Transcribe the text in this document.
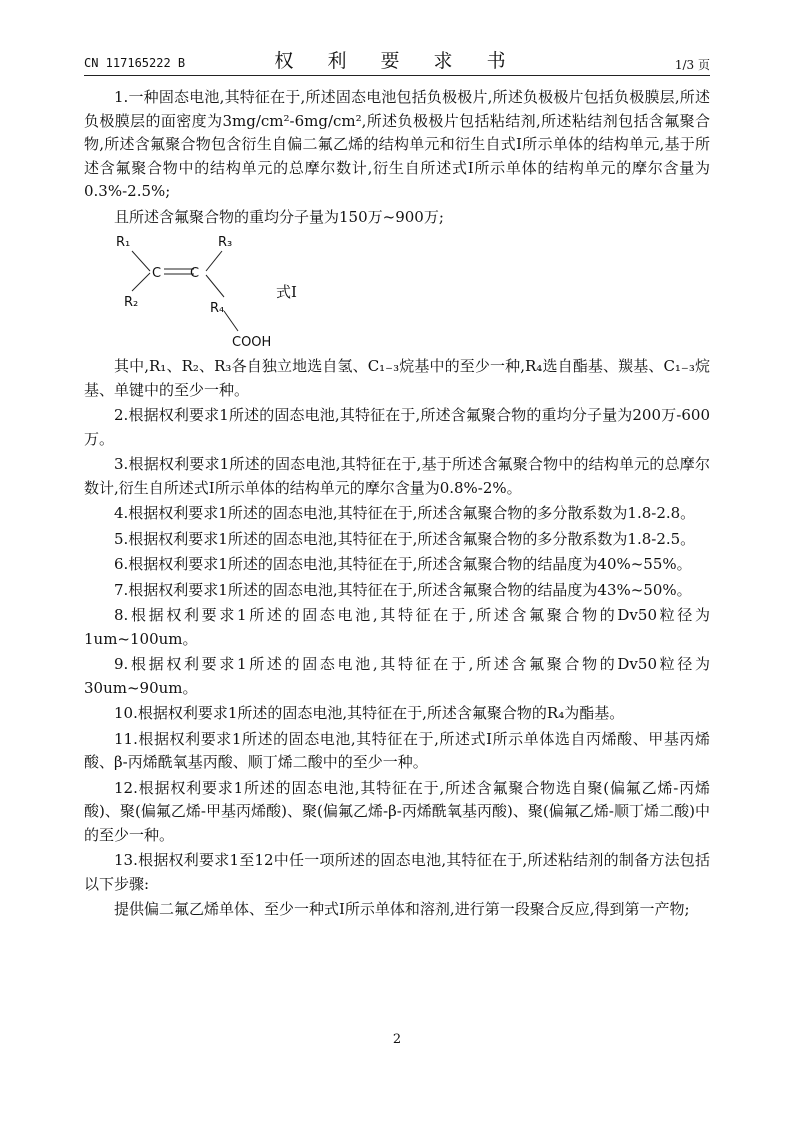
CN 117165222 B	权 利 要 求 书	1/3 页

1.一种固态电池,其特征在于,所述固态电池包括负极极片,所述负极极片包括负极膜层,所述负极膜层的面密度为3mg/cm²-6mg/cm²,所述负极极片包括粘结剂,所述粘结剂包括含氟聚合物,所述含氟聚合物包含衍生自偏二氟乙烯的结构单元和衍生自式I所示单体的结构单元,基于所述含氟聚合物中的结构单元的总摩尔数计,衍生自所述式I所示单体的结构单元的摩尔含量为0.3%-2.5%;

且所述含氟聚合物的重均分子量为150万~900万;

R₁	R₃
C C
R₂	R₄
COOH
式I

其中,R₁、R₂、R₃各自独立地选自氢、C₁₋₃烷基中的至少一种,R₄选自酯基、羰基、C₁₋₃烷基、单键中的至少一种。

2.根据权利要求1所述的固态电池,其特征在于,所述含氟聚合物的重均分子量为200万-600万。

3.根据权利要求1所述的固态电池,其特征在于,基于所述含氟聚合物中的结构单元的总摩尔数计,衍生自所述式I所示单体的结构单元的摩尔含量为0.8%-2%。

4.根据权利要求1所述的固态电池,其特征在于,所述含氟聚合物的多分散系数为1.8-2.8。

5.根据权利要求1所述的固态电池,其特征在于,所述含氟聚合物的多分散系数为1.8-2.5。

6.根据权利要求1所述的固态电池,其特征在于,所述含氟聚合物的结晶度为40%~55%。

7.根据权利要求1所述的固态电池,其特征在于,所述含氟聚合物的结晶度为43%~50%。

8.根据权利要求1所述的固态电池,其特征在于,所述含氟聚合物的Dv50粒径为1um~100um。

9.根据权利要求1所述的固态电池,其特征在于,所述含氟聚合物的Dv50粒径为30um~90um。

10.根据权利要求1所述的固态电池,其特征在于,所述含氟聚合物的R₄为酯基。

11.根据权利要求1所述的固态电池,其特征在于,所述式I所示单体选自丙烯酸、甲基丙烯酸、β-丙烯酰氧基丙酸、顺丁烯二酸中的至少一种。

12.根据权利要求1所述的固态电池,其特征在于,所述含氟聚合物选自聚(偏氟乙烯-丙烯酸)、聚(偏氟乙烯-甲基丙烯酸)、聚(偏氟乙烯-β-丙烯酰氧基丙酸)、聚(偏氟乙烯-顺丁烯二酸)中的至少一种。

13.根据权利要求1至12中任一项所述的固态电池,其特征在于,所述粘结剂的制备方法包括以下步骤:

提供偏二氟乙烯单体、至少一种式I所示单体和溶剂,进行第一段聚合反应,得到第一产物;

2
